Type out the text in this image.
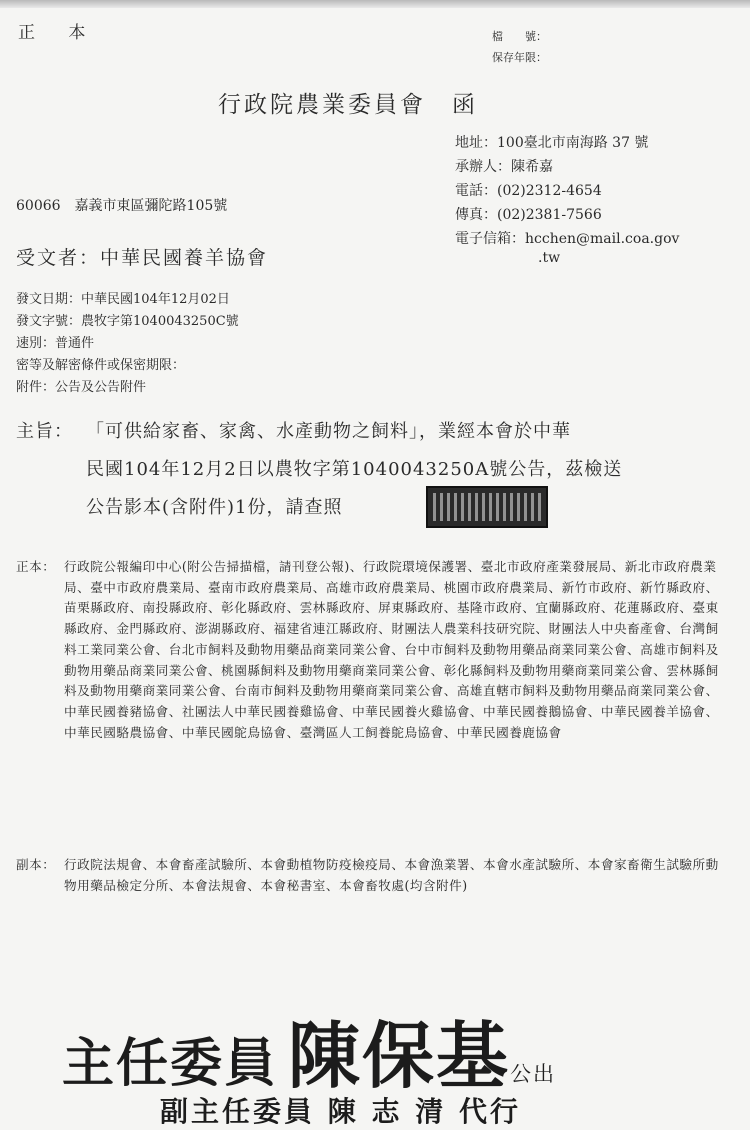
正 本	檔　　號：
保存年限：
行政院農業委員會 函
地址：100臺北市南海路 37 號
承辦人：陳希嘉
電話：(02)2312-4654
傳真：(02)2381-7566
電子信箱：hcchen@mail.coa.gov
.tw
60066　嘉義市東區彌陀路105號
受文者：中華民國養羊協會
發文日期：中華民國104年12月02日
發文字號：農牧字第1040043250C號
速別：普通件
密等及解密條件或保密期限：
附件：公告及公告附件
主旨： 「可供給家畜、家禽、水產動物之飼料」，業經本會於中華
民國104年12月2日以農牧字第1040043250A號公告，茲檢送
公告影本(含附件)1份，請查照
正本： 行政院公報編印中心(附公告掃描檔，請刊登公報)、行政院環境保護署、臺北市政府產業發展局、新北市政府農業局、臺中市政府農業局、臺南市政府農業局、高雄市政府農業局、桃園市政府農業局、新竹市政府、新竹縣政府、苗栗縣政府、南投縣政府、彰化縣政府、雲林縣政府、屏東縣政府、基隆市政府、宜蘭縣政府、花蓮縣政府、臺東縣政府、金門縣政府、澎湖縣政府、福建省連江縣政府、財團法人農業科技研究院、財團法人中央畜產會、台灣飼料工業同業公會、台北市飼料及動物用藥品商業同業公會、台中市飼料及動物用藥品商業同業公會、高雄市飼料及動物用藥品商業同業公會、桃園縣飼料及動物用藥商業同業公會、彰化縣飼料及動物用藥商業同業公會、雲林縣飼料及動物用藥商業同業公會、台南市飼料及動物用藥商業同業公會、高雄直轄市飼料及動物用藥品商業同業公會、中華民國養豬協會、社團法人中華民國養雞協會、中華民國養火雞協會、中華民國養鵝協會、中華民國養羊協會、中華民國駱農協會、中華民國鴕鳥協會、臺灣區人工飼養鴕鳥協會、中華民國養鹿協會
副本： 行政院法規會、本會畜產試驗所、本會動植物防疫檢疫局、本會漁業署、本會水產試驗所、本會家畜衛生試驗所動物用藥品檢定分所、本會法規會、本會秘書室、本會畜牧處(均含附件)
主任委員 陳保基公出
副主任委員 陳 志 清 代行
